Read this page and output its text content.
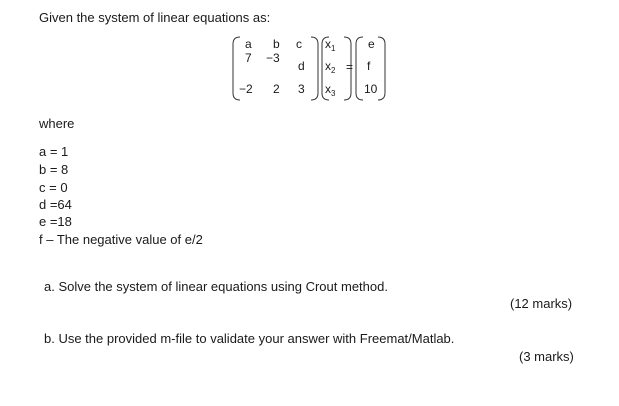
Given the system of linear equations as:
a b c
7 −3
d
−2 2 3
$x_1$
$x_2$
$x_3$
=
e
f
10
where
a = 1
b = 8
c = 0
d =64
e =18
f – The negative value of e/2
a. Solve the system of linear equations using Crout method.
(12 marks)
b. Use the provided m-file to validate your answer with Freemat/Matlab.
(3 marks)
